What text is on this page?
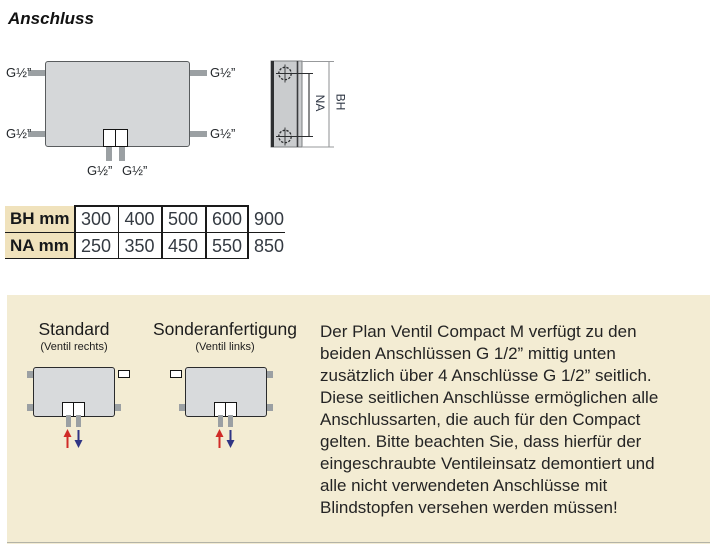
Anschluss
G½”
G½”
G½”
G½”
G½” G½”
NA BH
BH mm 300 400 500 600 900
NA mm 250 350 450 550 850
Standard
(Ventil rechts)
Sonderanfertigung
(Ventil links)
Der Plan Ventil Compact M verfügt zu den
beiden Anschlüssen G 1/2” mittig unten
zusätzlich über 4 Anschlüsse G 1/2” seitlich.
Diese seitlichen Anschlüsse ermöglichen alle
Anschlussarten, die auch für den Compact
gelten. Bitte beachten Sie, dass hierfür der
eingeschraubte Ventileinsatz demontiert und
alle nicht verwendeten Anschlüsse mit
Blindstopfen versehen werden müssen!
